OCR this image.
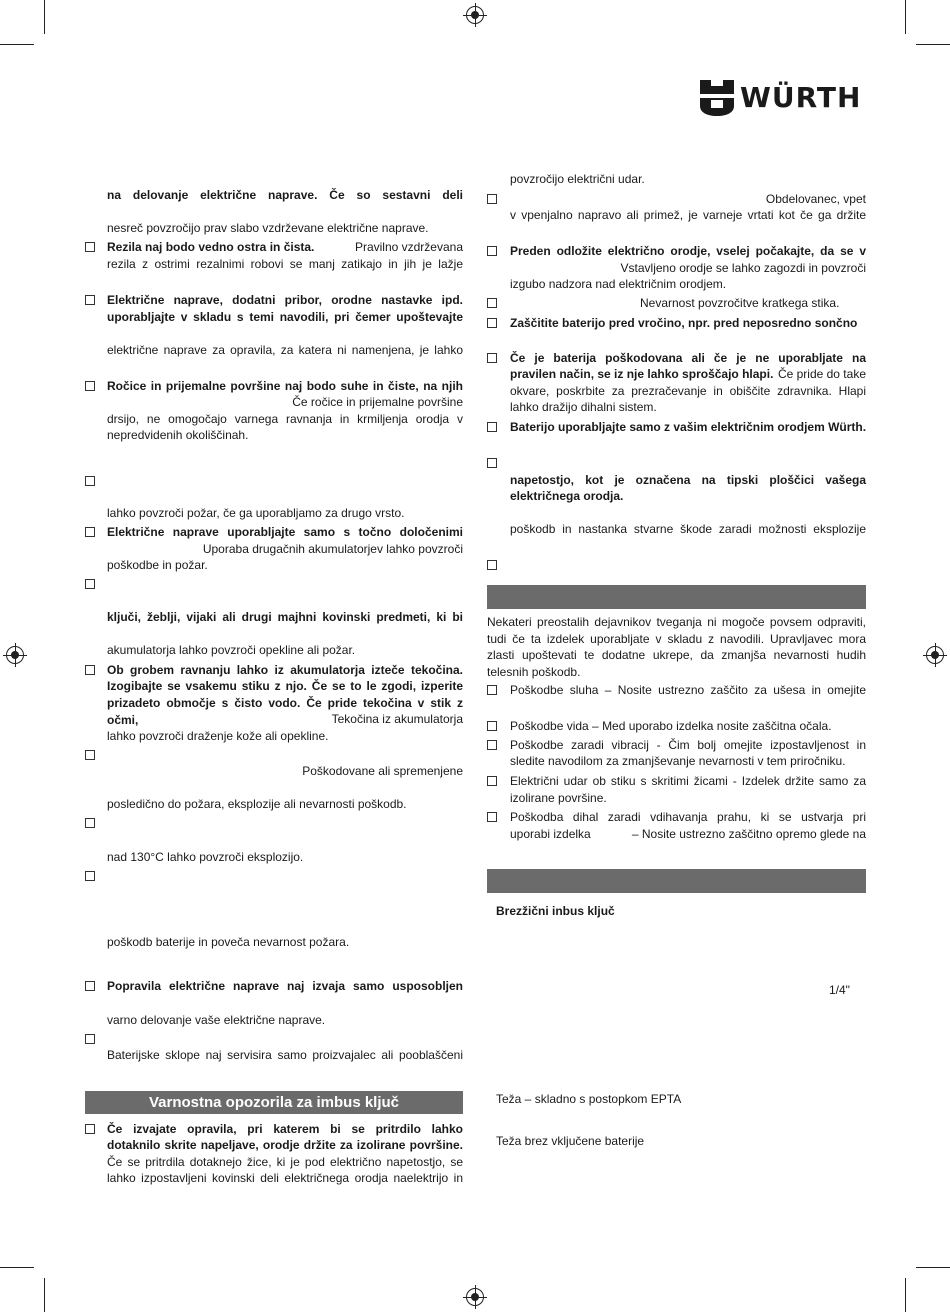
WÜRTH
na delovanje električne naprave. Če so sestavni deli
nesreč povzročijo prav slabo vzdrževane električne naprave.
Rezila naj bodo vedno ostra in čista.	Pravilno vzdrževana
rezila z ostrimi rezalnimi robovi se manj zatikajo in jih je lažje
Električne naprave, dodatni pribor, orodne nastavke ipd.
uporabljajte v skladu s temi navodili, pri čemer upoštevajte
električne naprave za opravila, za katera ni namenjena, je lahko
Ročice in prijemalne površine naj bodo suhe in čiste, na njih
Če ročice in prijemalne površine
drsijo, ne omogočajo varnega ravnanja in krmiljenja orodja v
nepredvidenih okoliščinah.
lahko povzroči požar, če ga uporabljamo za drugo vrsto.
Električne naprave uporabljajte samo s točno določenimi
Uporaba drugačnih akumulatorjev lahko povzroči
poškodbe in požar.
ključi, žeblji, vijaki ali drugi majhni kovinski predmeti, ki bi
akumulatorja lahko povzroči opekline ali požar.
Ob grobem ravnanju lahko iz akumulatorja izteče tekočina.
Izogibajte se vsakemu stiku z njo. Če se to le zgodi, izperite
prizadeto območje s čisto vodo. Če pride tekočina v stik z očmi,	Tekočina iz akumulatorja
lahko povzroči draženje kože ali opekline.
Poškodovane ali spremenjene
posledično do požara, eksplozije ali nevarnosti poškodb.
nad 130°C lahko povzroči eksplozijo.
poškodb baterije in poveča nevarnost požara.
Popravila električne naprave naj izvaja samo usposobljen
varno delovanje vaše električne naprave.
Baterijske sklope naj servisira samo proizvajalec ali pooblaščeni
Varnostna opozorila za imbus ključ
Če izvajate opravila, pri katerem bi se pritrdilo lahko
dotaknilo skrite napeljave, orodje držite za izolirane površine.
Če se pritrdila dotaknejo žice, ki je pod električno napetostjo, se
lahko izpostavljeni kovinski deli električnega orodja naelektrijo in
povzročijo električni udar.
Obdelovanec, vpet
v vpenjalno napravo ali primež, je varneje vrtati kot če ga držite
Preden odložite električno orodje, vselej počakajte, da se v
Vstavljeno orodje se lahko zagozdi in povzroči
izgubo nadzora nad električnim orodjem.
Nevarnost povzročitve kratkega stika.
Zaščitite baterijo pred vročino, npr. pred neposredno sončno
Če je baterija poškodovana ali če je ne uporabljate na
pravilen način, se iz nje lahko sproščajo hlapi. Če pride do take
okvare, poskrbite za prezračevanje in obiščite zdravnika. Hlapi
lahko dražijo dihalni sistem.
Baterijo uporabljajte samo z vašim električnim orodjem Würth.
napetostjo, kot je označena na tipski ploščici vašega
električnega orodja.
poškodb in nastanka stvarne škode zaradi možnosti eksplozije
Nekateri preostalih dejavnikov tveganja ni mogoče povsem odpraviti,
tudi če ta izdelek uporabljate v skladu z navodili. Upravljavec mora
zlasti upoštevati te dodatne ukrepe, da zmanjša nevarnosti hudih
telesnih poškodb.
Poškodbe sluha – Nosite ustrezno zaščito za ušesa in omejite
Poškodbe vida – Med uporabo izdelka nosite zaščitna očala.
Poškodbe zaradi vibracij - Čim bolj omejite izpostavljenost in
sledite navodilom za zmanjševanje nevarnosti v tem priročniku.
Električni udar ob stiku s skritimi žicami - Izdelek držite samo za
izolirane površine.
Poškodba dihal zaradi vdihavanja prahu, ki se ustvarja pri
uporabi izdelka	– Nosite ustrezno zaščitno opremo glede na
Brezžični inbus ključ
1/4"
Teža – skladno s postopkom EPTA
Teža brez vključene baterije
